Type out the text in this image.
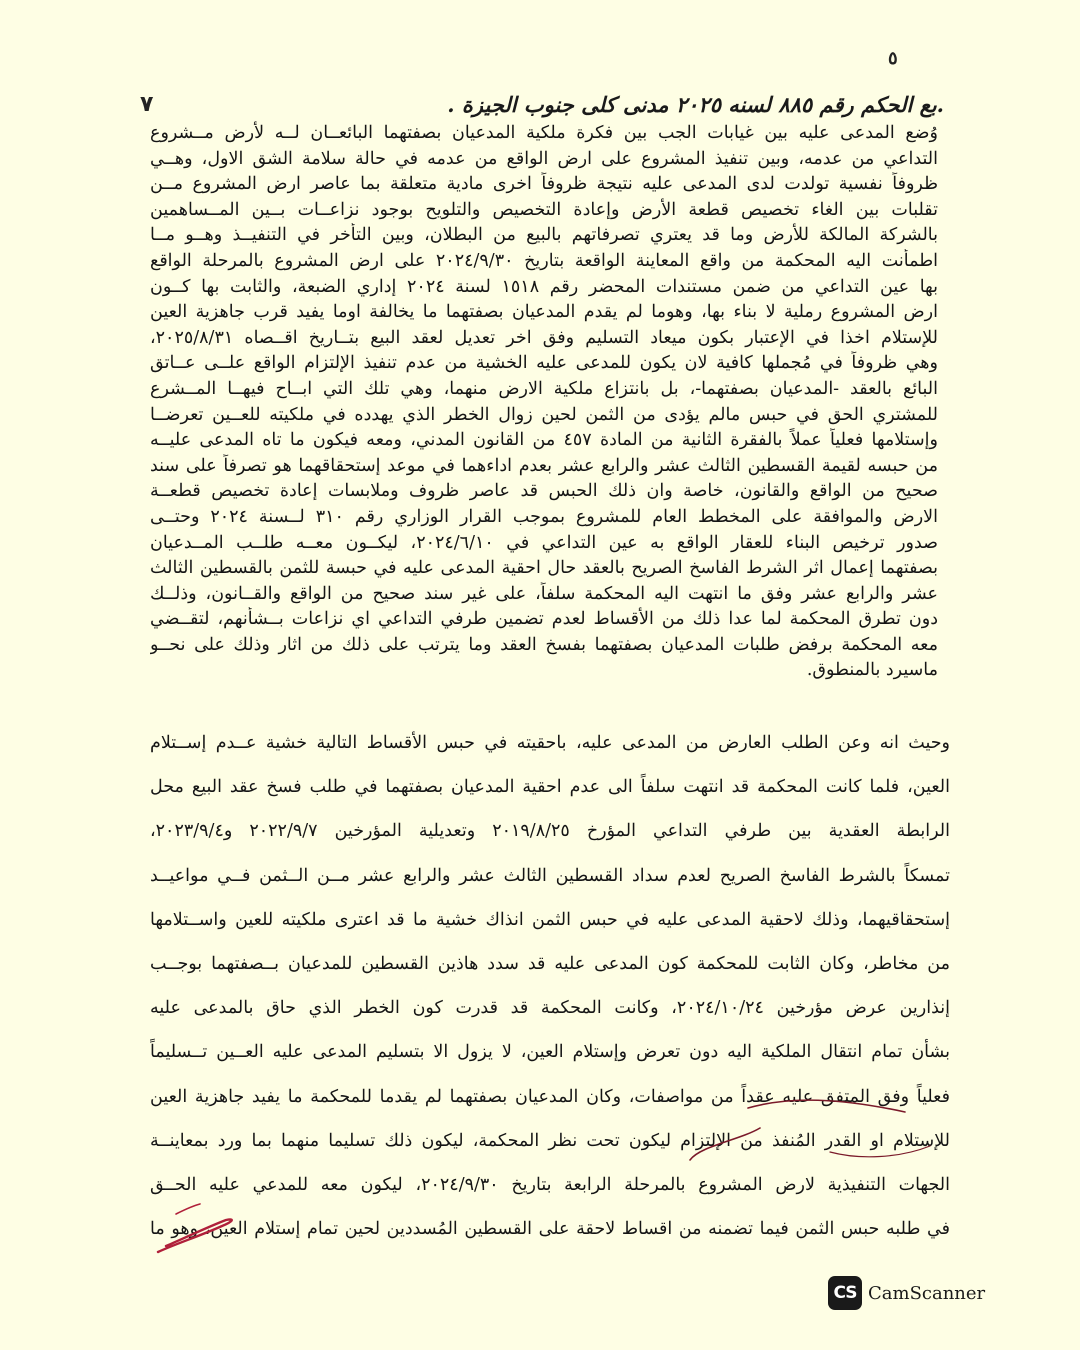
٥
٧	.بع الحكم رقم ٨٨٥ لسنه ٢٠٢٥ مدنى كلى جنوب الجيزة .

وُضع المدعى عليه بين غيابات الجب بين فكرة ملكية المدعيان بصفتهما البائعــان لــه لأرض مــشروع

التداعي من عدمه، وبين تنفيذ المشروع على ارض الواقع من عدمه في حالة سلامة الشق الاول، وهــي

ظروفاً نفسية تولدت لدى المدعى عليه نتيجة ظروفاً اخرى مادية متعلقة بما عاصر ارض المشروع مــن

تقلبات بين الغاء تخصيص قطعة الأرض وإعادة التخصيص والتلويح بوجود نزاعــات بــين المــساهمين

بالشركة المالكة للأرض وما قد يعتري تصرفاتهم بالبيع من البطلان، وبين التأخر في التنفيــذ وهــو مــا

اطمأنت اليه المحكمة من واقع المعاينة الواقعة بتاريخ ٢٠٢٤/٩/٣٠ على ارض المشروع بالمرحلة الواقع

بها عين التداعي من ضمن مستندات المحضر رقم ١٥١٨ لسنة ٢٠٢٤ إداري الضبعة، والثابت بها كــون

ارض المشروع رملية لا بناء بها، وهوما لم يقدم المدعيان بصفتهما ما يخالفة اوما يفيد قرب جاهزية العين

للإستلام اخذا في الإعتبار بكون ميعاد التسليم وفق اخر تعديل لعقد البيع بتــاريخ اقــصاه ٢٠٢٥/٨/٣١،

وهي ظروفاً في مُجملها كافية لان يكون للمدعى عليه الخشية من عدم تنفيذ الإلتزام الواقع علــى عــاتق

البائع بالعقد -المدعيان بصفتهما-، بل بانتزاع ملكية الارض منهما، وهي تلك التي ابــاح فيهــا المــشرع

للمشتري الحق في حبس مالم يؤدى من الثمن لحين زوال الخطر الذي يهدده في ملكيته للعــين تعرضــا

وإستلامها فعلياً عملاً بالفقرة الثانية من المادة ٤٥٧ من القانون المدني، ومعه فيكون ما تاه المدعى عليــه

من حبسه لقيمة القسطين الثالث عشر والرابع عشر بعدم اداءهما في موعد إستحقاقهما هو تصرفاً على سند

صحيح من الواقع والقانون، خاصة وان ذلك الحبس قد عاصر ظروف وملابسات إعادة تخصيص قطعــة

الارض والموافقة على المخطط العام للمشروع بموجب القرار الوزاري رقم ٣١٠ لــسنة ٢٠٢٤ وحتــى

صدور ترخيص البناء للعقار الواقع به عين التداعي في ٢٠٢٤/٦/١٠، ليكــون معــه طلــب المــدعيان

بصفتهما إعمال اثر الشرط الفاسخ الصريح بالعقد حال احقية المدعى عليه في حبسة للثمن بالقسطين الثالث

عشر والرابع عشر وفق ما انتهت اليه المحكمة سلفاً، على غير سند صحيح من الواقع والقــانون، وذلــك

دون تطرق المحكمة لما عدا ذلك من الأقساط لعدم تضمين طرفي التداعي اي نزاعات بــشأنهم، لتقــضي

معه المحكمة برفض طلبات المدعيان بصفتهما بفسخ العقد وما يترتب على ذلك من اثار وذلك على نحــو

ماسيرد بالمنطوق.

وحيث انه وعن الطلب العارض من المدعى عليه، باحقيته في حبس الأقساط التالية خشية عــدم إســتلام

العين، فلما كانت المحكمة قد انتهت سلفاً الى عدم احقية المدعيان بصفتهما في طلب فسخ عقد البيع محل

الرابطة العقدية بين طرفي التداعي المؤرخ ٢٠١٩/٨/٢٥ وتعديلية المؤرخين ٢٠٢٢/٩/٧ و٢٠٢٣/٩/٤،

تمسكاً بالشرط الفاسخ الصريح لعدم سداد القسطين الثالث عشر والرابع عشر مــن الــثمن فــي مواعيــد

إستحقاقيهما، وذلك لاحقية المدعى عليه في حبس الثمن انذاك خشية ما قد اعترى ملكيته للعين واســتلامها

من مخاطر، وكان الثابت للمحكمة كون المدعى عليه قد سدد هاذين القسطين للمدعيان بــصفتهما بوجــب

إنذارين عرض مؤرخين ٢٠٢٤/١٠/٢٤، وكانت المحكمة قد قدرت كون الخطر الذي حاق بالمدعى عليه

بشأن تمام انتقال الملكية اليه دون تعرض وإستلام العين، لا يزول الا بتسليم المدعى عليه العــين تــسليماً

فعلياً وفق المتفق عليه عقداً من مواصفات، وكان المدعيان بصفتهما لم يقدما للمحكمة ما يفيد جاهزية العين

للإستلام او القدر المُنفذ من الإلتزام ليكون تحت نظر المحكمة، ليكون ذلك تسليما منهما بما ورد بمعاينــة

الجهات التنفيذية لارض المشروع بالمرحلة الرابعة بتاريخ ٢٠٢٤/٩/٣٠، ليكون معه للمدعي عليه الحــق

في طلبه حبس الثمن فيما تضمنه من اقساط لاحقة على القسطين المُسددين لحين تمام إستلام العين، وهو ما

CS CamScanner
